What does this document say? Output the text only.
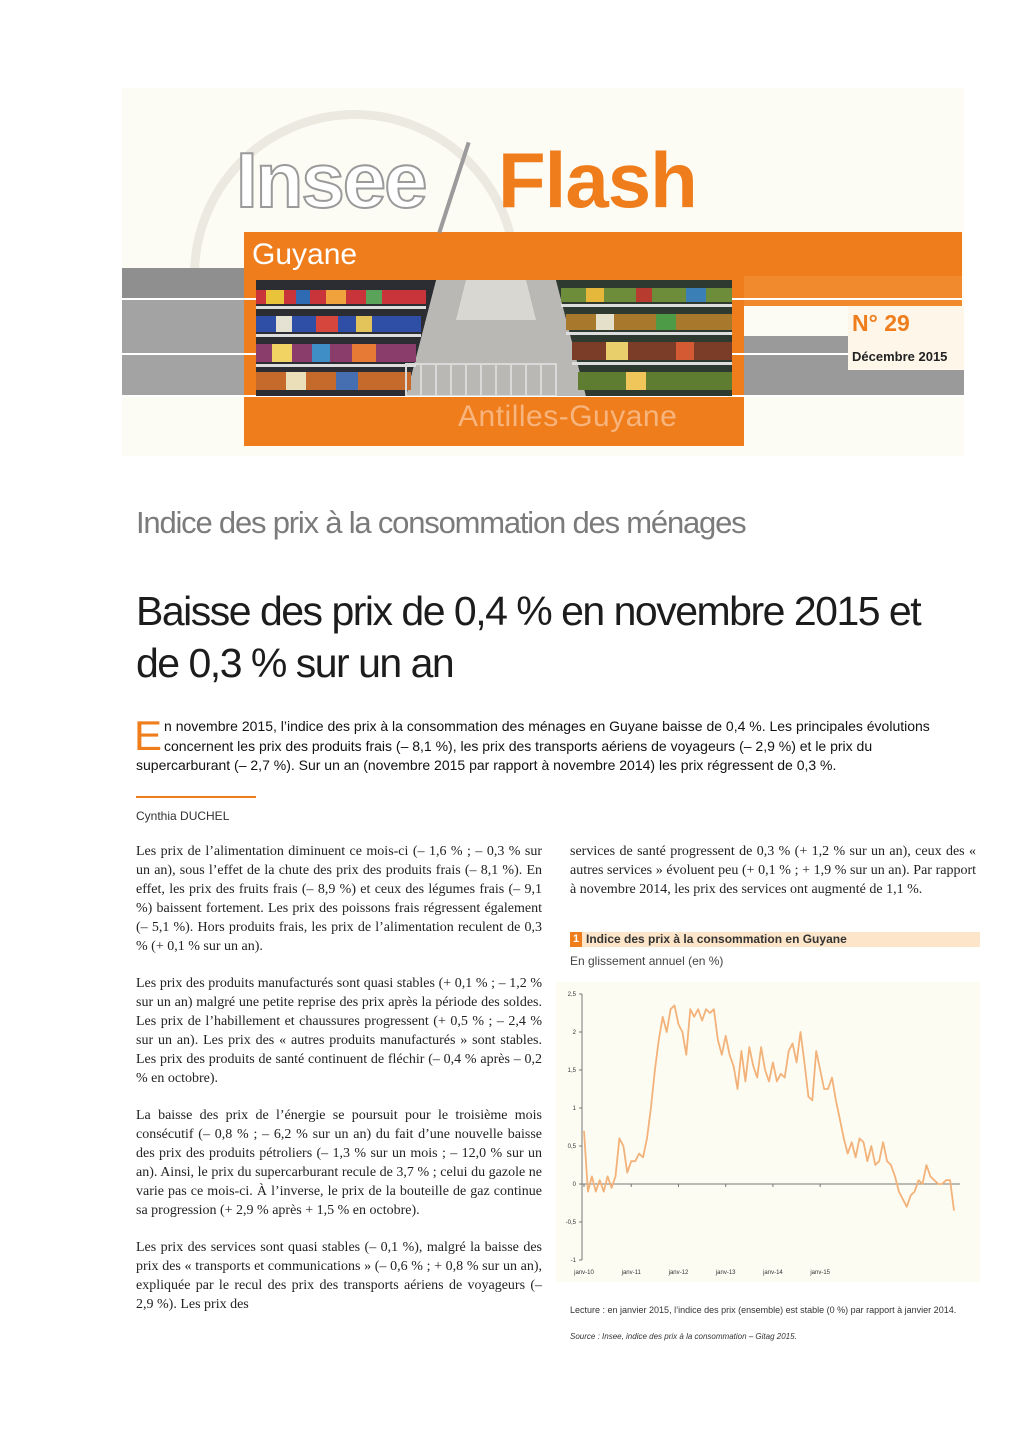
Insee Flash
Guyane
N° 29
Décembre 2015
Antilles-Guyane
Indice des prix à la consommation des ménages
Baisse des prix de 0,4 % en novembre 2015 et de 0,3 % sur un an
En novembre 2015, l’indice des prix à la consommation des ménages en Guyane baisse de 0,4 %. Les principales évolutions concernent les prix des produits frais (– 8,1 %), les prix des transports aériens de voyageurs (– 2,9 %) et le prix du supercarburant (– 2,7 %). Sur un an (novembre 2015 par rapport à novembre 2014) les prix régressent de 0,3 %.
Cynthia DUCHEL

Les prix de l’alimentation diminuent ce mois-ci (– 1,6 % ; – 0,3 % sur un an), sous l’effet de la chute des prix des produits frais (– 8,1 %). En effet, les prix des fruits frais (– 8,9 %) et ceux des légumes frais (– 9,1 %) baissent fortement. Les prix des poissons frais régressent également (– 5,1 %). Hors produits frais, les prix de l’alimentation reculent de 0,3 % (+ 0,1 % sur un an).

Les prix des produits manufacturés sont quasi stables (+ 0,1 % ; – 1,2 % sur un an) malgré une petite reprise des prix après la période des soldes. Les prix de l’habillement et chaussures progressent (+ 0,5 % ; – 2,4 % sur un an). Les prix des « autres produits manufacturés » sont stables. Les prix des produits de santé continuent de fléchir (– 0,4 % après – 0,2 % en octobre).

La baisse des prix de l’énergie se poursuit pour le troisième mois consécutif (– 0,8 % ; – 6,2 % sur un an) du fait d’une nouvelle baisse des prix des produits pétroliers (– 1,3 % sur un mois ; – 12,0 % sur un an). Ainsi, le prix du supercarburant recule de 3,7 % ; celui du gazole ne varie pas ce mois-ci. À l’inverse, le prix de la bouteille de gaz continue sa progression (+ 2,9 % après + 1,5 % en octobre).

Les prix des services sont quasi stables (– 0,1 %), malgré la baisse des prix des « transports et communications » (– 0,6 % ; + 0,8 % sur un an), expliquée par le recul des prix des transports aériens de voyageurs (– 2,9 %). Les prix des

services de santé progressent de 0,3 % (+ 1,2 % sur un an), ceux des « autres services » évoluent peu (+ 0,1 % ; + 1,9 % sur un an). Par rapport à novembre 2014, les prix des services ont augmenté de 1,1 %.

1 Indice des prix à la consommation en Guyane
En glissement annuel (en %)
2,5
2
1,5
1
0,5
0
-0,5
-1
janv-10	janv-11	janv-12	janv-13	janv-14	janv-15
Lecture : en janvier 2015, l’indice des prix (ensemble) est stable (0 %) par rapport à janvier 2014.
Source : Insee, indice des prix à la consommation – Gitag 2015.
